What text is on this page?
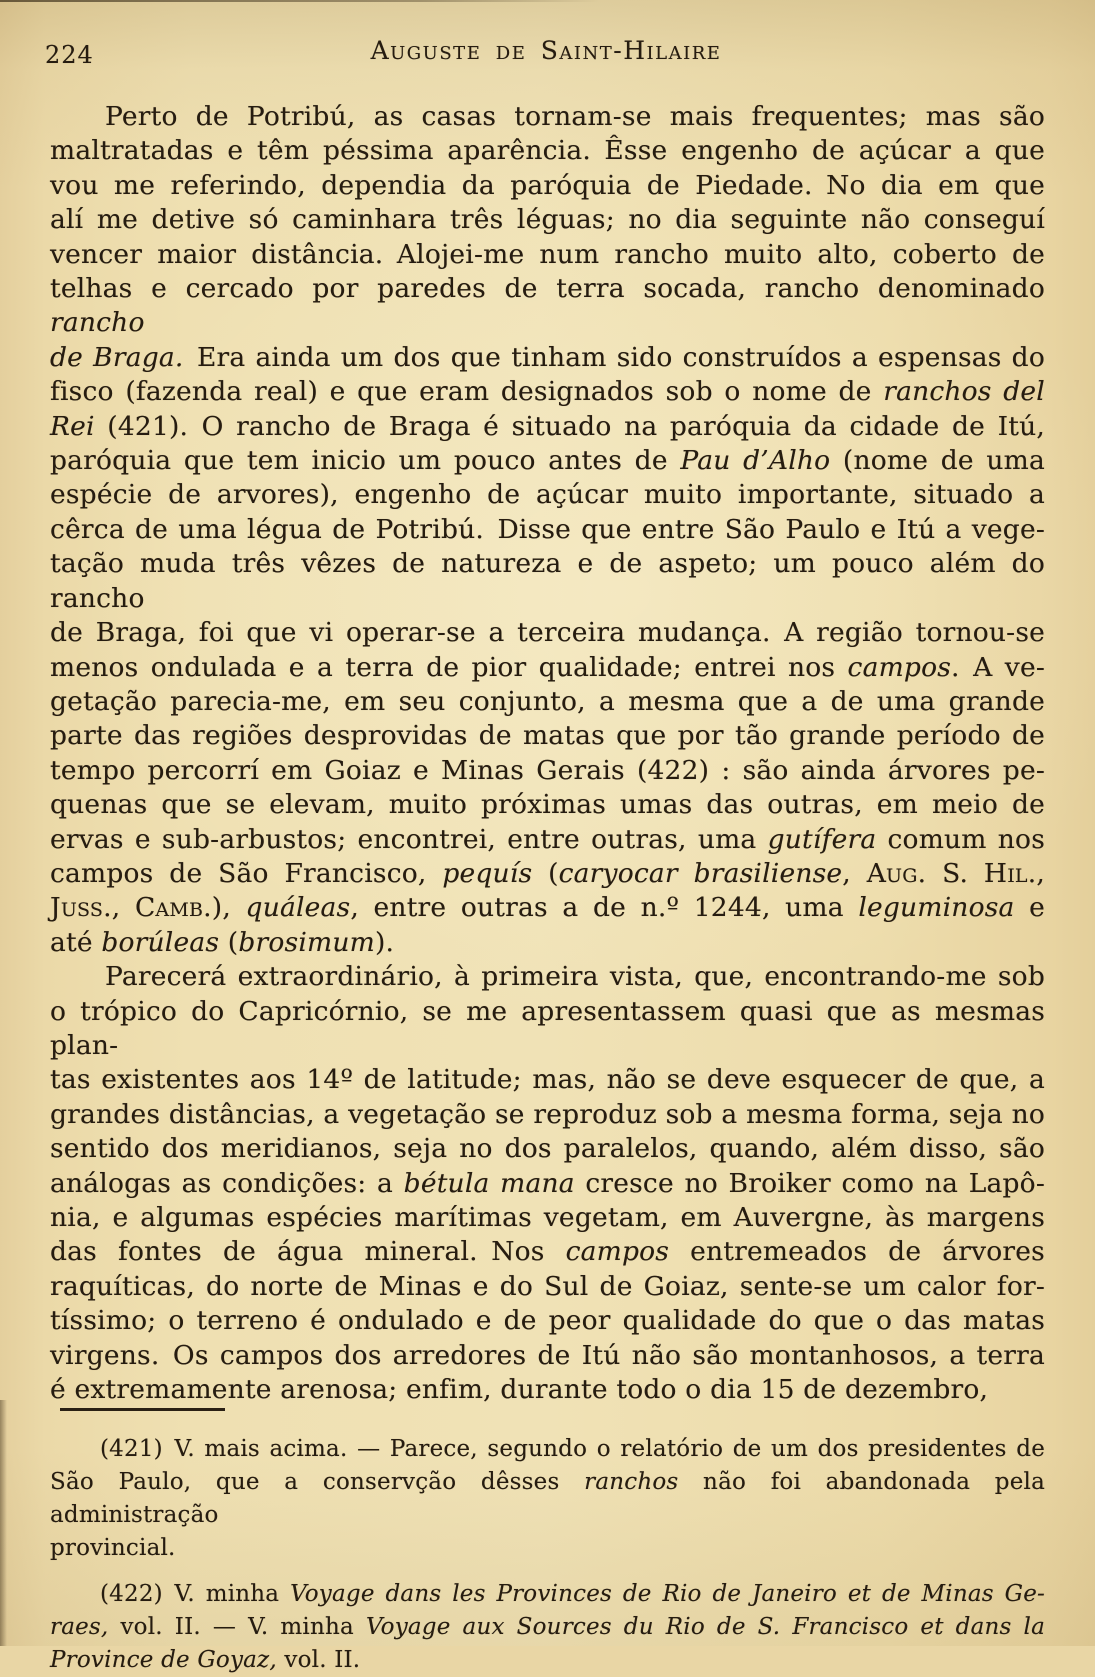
224	Auguste de Saint-Hilaire
Perto de Potribú, as casas tornam-se mais frequentes; mas são
maltratadas e têm péssima aparência. Êsse engenho de açúcar a que
vou me referindo, dependia da paróquia de Piedade. No dia em que
alí me detive só caminhara três léguas; no dia seguinte não conseguí
vencer maior distância. Alojei-me num rancho muito alto, coberto de
telhas e cercado por paredes de terra socada, rancho denominado rancho
de Braga. Era ainda um dos que tinham sido construídos a espensas do
fisco (fazenda real) e que eram designados sob o nome de ranchos del
Rei (421). O rancho de Braga é situado na paróquia da cidade de Itú,
paróquia que tem inicio um pouco antes de Pau d’Alho (nome de uma
espécie de arvores), engenho de açúcar muito importante, situado a
cêrca de uma légua de Potribú. Disse que entre São Paulo e Itú a vege-
tação muda três vêzes de natureza e de aspeto; um pouco além do rancho
de Braga, foi que vi operar-se a terceira mudança. A região tornou-se
menos ondulada e a terra de pior qualidade; entrei nos campos. A ve-
getação parecia-me, em seu conjunto, a mesma que a de uma grande
parte das regiões desprovidas de matas que por tão grande período de
tempo percorrí em Goiaz e Minas Gerais (422) : são ainda árvores pe-
quenas que se elevam, muito próximas umas das outras, em meio de
ervas e sub-arbustos; encontrei, entre outras, uma gutífera comum nos
campos de São Francisco, pequís (caryocar brasiliense, Aug. S. Hil.,
Juss., Camb.), quáleas, entre outras a de n.º 1244, uma leguminosa e
até borúleas (brosimum).
Parecerá extraordinário, à primeira vista, que, encontrando-me sob
o trópico do Capricórnio, se me apresentassem quasi que as mesmas plan-
tas existentes aos 14º de latitude; mas, não se deve esquecer de que, a
grandes distâncias, a vegetação se reproduz sob a mesma forma, seja no
sentido dos meridianos, seja no dos paralelos, quando, além disso, são
análogas as condições: a bétula mana cresce no Broiker como na Lapô-
nia, e algumas espécies marítimas vegetam, em Auvergne, às margens
das fontes de água mineral. Nos campos entremeados de árvores
raquíticas, do norte de Minas e do Sul de Goiaz, sente-se um calor for-
tíssimo; o terreno é ondulado e de peor qualidade do que o das matas
virgens. Os campos dos arredores de Itú não são montanhosos, a terra
é extremamente arenosa; enfim, durante todo o dia 15 de dezembro,
(421) V. mais acima. — Parece, segundo o relatório de um dos presidentes de
São Paulo, que a conservção dêsses ranchos não foi abandonada pela administração
provincial.
(422) V. minha Voyage dans les Provinces de Rio de Janeiro et de Minas Ge-
raes, vol. II. — V. minha Voyage aux Sources du Rio de S. Francisco et dans la
Province de Goyaz, vol. II.
